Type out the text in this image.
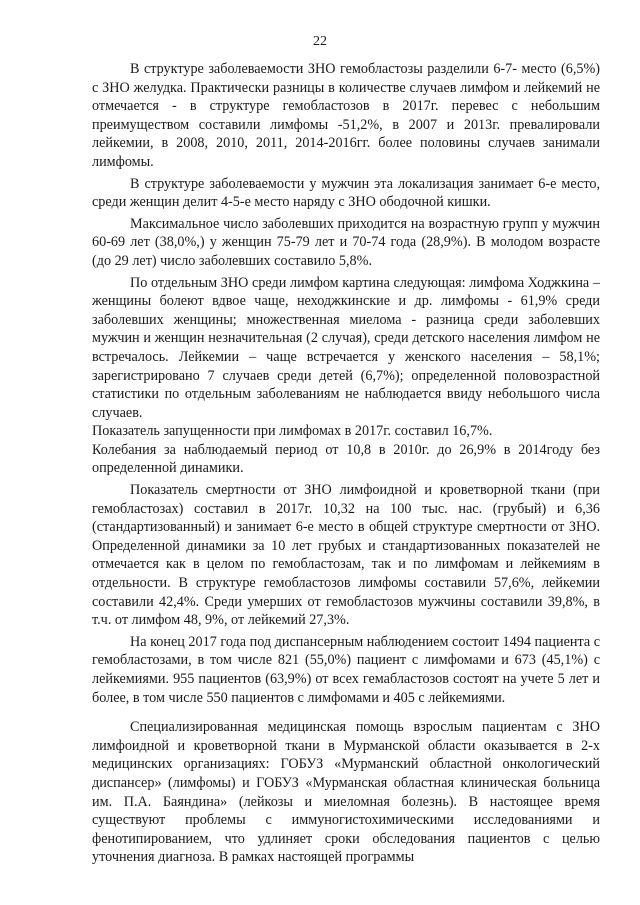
22

В структуре заболеваемости ЗНО гемобластозы разделили 6-7- место (6,5%) с ЗНО желудка. Практически разницы в количестве случаев лимфом и лейкемий не отмечается - в структуре гемобластозов в 2017г. перевес с небольшим преимуществом составили лимфомы -51,2%, в 2007 и 2013г. превалировали лейкемии, в 2008, 2010, 2011, 2014-2016гг. более половины случаев занимали лимфомы.

В структуре заболеваемости у мужчин эта локализация занимает 6-е место, среди женщин делит 4-5-е место наряду с ЗНО ободочной кишки.

Максимальное число заболевших приходится на возрастную групп у мужчин 60-69 лет (38,0%,) у женщин 75-79 лет и 70-74 года (28,9%). В молодом возрасте (до 29 лет) число заболевших составило 5,8%.

По отдельным ЗНО среди лимфом картина следующая: лимфома Ходжкина – женщины болеют вдвое чаще, неходжкинские и др. лимфомы - 61,9% среди заболевших женщины; множественная миелома - разница среди заболевших мужчин и женщин незначительная (2 случая), среди детского населения лимфом не встречалось. Лейкемии – чаще встречается у женского населения – 58,1%; зарегистрировано 7 случаев среди детей (6,7%); определенной половозрастной статистики по отдельным заболеваниям не наблюдается ввиду небольшого числа случаев.

Показатель запущенности при лимфомах в 2017г. составил 16,7%.

Колебания за наблюдаемый период от 10,8 в 2010г. до 26,9% в 2014году без определенной динамики.

Показатель смертности от ЗНО лимфоидной и кроветворной ткани (при гемобластозах) составил в 2017г. 10,32 на 100 тыс. нас. (грубый) и 6,36 (стандартизованный) и занимает 6-е место в общей структуре смертности от ЗНО. Определенной динамики за 10 лет грубых и стандартизованных показателей не отмечается как в целом по гемобластозам, так и по лимфомам и лейкемиям в отдельности. В структуре гемобластозов лимфомы составили 57,6%, лейкемии составили 42,4%. Среди умерших от гемобластозов мужчины составили 39,8%, в т.ч. от лимфом 48, 9%, от лейкемий 27,3%.

На конец 2017 года под диспансерным наблюдением состоит 1494 пациента с гемобластозами, в том числе 821 (55,0%) пациент с лимфомами и 673 (45,1%) с лейкемиями. 955 пациентов (63,9%) от всех гемабластозов состоят на учете 5 лет и более, в том числе 550 пациентов с лимфомами и 405 с лейкемиями.

Специализированная медицинская помощь взрослым пациентам с ЗНО лимфоидной и кроветворной ткани в Мурманской области оказывается в 2-х медицинских организациях: ГОБУЗ «Мурманский областной онкологический диспансер» (лимфомы) и ГОБУЗ «Мурманская областная клиническая больница им. П.А. Баяндина» (лейкозы и миеломная болезнь). В настоящее время существуют проблемы с иммуногистохимическими исследованиями и фенотипированием, что удлиняет сроки обследования пациентов с целью уточнения диагноза. В рамках настоящей программы
